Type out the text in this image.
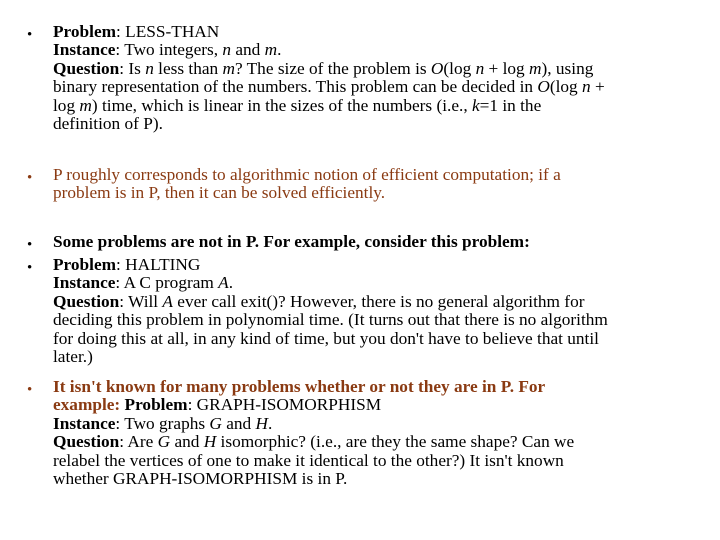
• Problem: LESS-THAN
Instance: Two integers, n and m.
Question: Is n less than m? The size of the problem is O(log n + log m), using
binary representation of the numbers. This problem can be decided in O(log n +
log m) time, which is linear in the sizes of the numbers (i.e., k=1 in the
definition of P).
• P roughly corresponds to algorithmic notion of efficient computation; if a
problem is in P, then it can be solved efficiently.
• Some problems are not in P. For example, consider this problem:
• Problem: HALTING
Instance: A C program A.
Question: Will A ever call exit()? However, there is no general algorithm for
deciding this problem in polynomial time. (It turns out that there is no algorithm
for doing this at all, in any kind of time, but you don't have to believe that until
later.)
• It isn't known for many problems whether or not they are in P. For
example: Problem: GRAPH-ISOMORPHISM
Instance: Two graphs G and H.
Question: Are G and H isomorphic? (i.e., are they the same shape? Can we
relabel the vertices of one to make it identical to the other?) It isn't known
whether GRAPH-ISOMORPHISM is in P.
